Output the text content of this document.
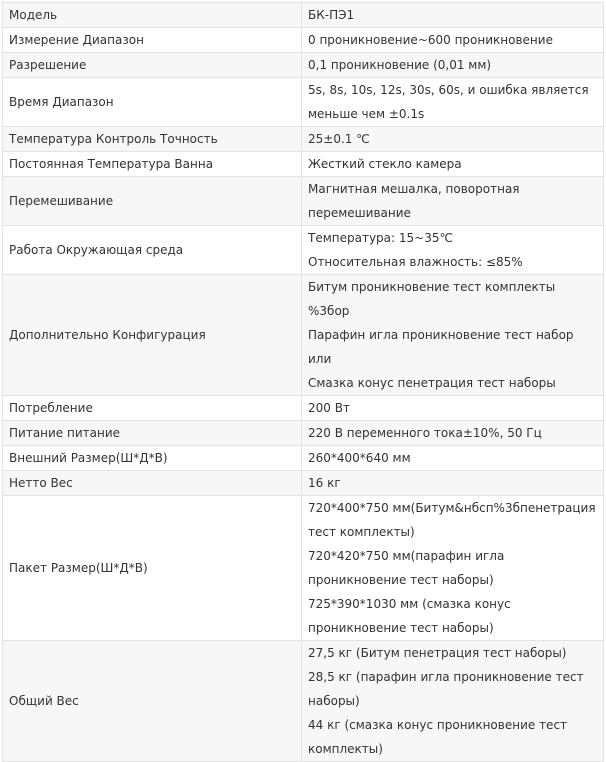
Модель	БК-ПЭ1

Измерение Диапазон	0 проникновение~600 проникновение

Разрешение	0,1 проникновение (0,01 мм)

Время Диапазон	5s, 8s, 10s, 12s, 30s, 60s, и ошибка является меньше чем ±0.1s

Температура Контроль Точность	25±0.1 ℃

Постоянная Температура Ванна	Жесткий стекло камера

Перемешивание	Магнитная мешалка, поворотная перемешивание

Работа Окружающая среда	Температура: 15~35℃
Относительная влажность: ≤85%

Дополнительно Конфигурация	Битум проникновение тест комплекты %3бор
Парафин игла проникновение тест набор или
Смазка конус пенетрация тест наборы

Потребление	200 Вт

Питание питание	220 В переменного тока±10%, 50 Гц

Внешний Размер(Ш*Д*В)	260*400*640 мм

Нетто Вес	16 кг

Пакет Размер(Ш*Д*В)	720*400*750 мм(Битум&нбсп%3бпенетрация тест комплекты)
720*420*750 мм(парафин игла проникновение тест наборы)
725*390*1030 мм (смазка конус проникновение тест наборы)

Общий Вес	27,5 кг (Битум пенетрация тест наборы)
28,5 кг (парафин игла проникновение тест наборы)
44 кг (смазка конус проникновение тест комплекты)
